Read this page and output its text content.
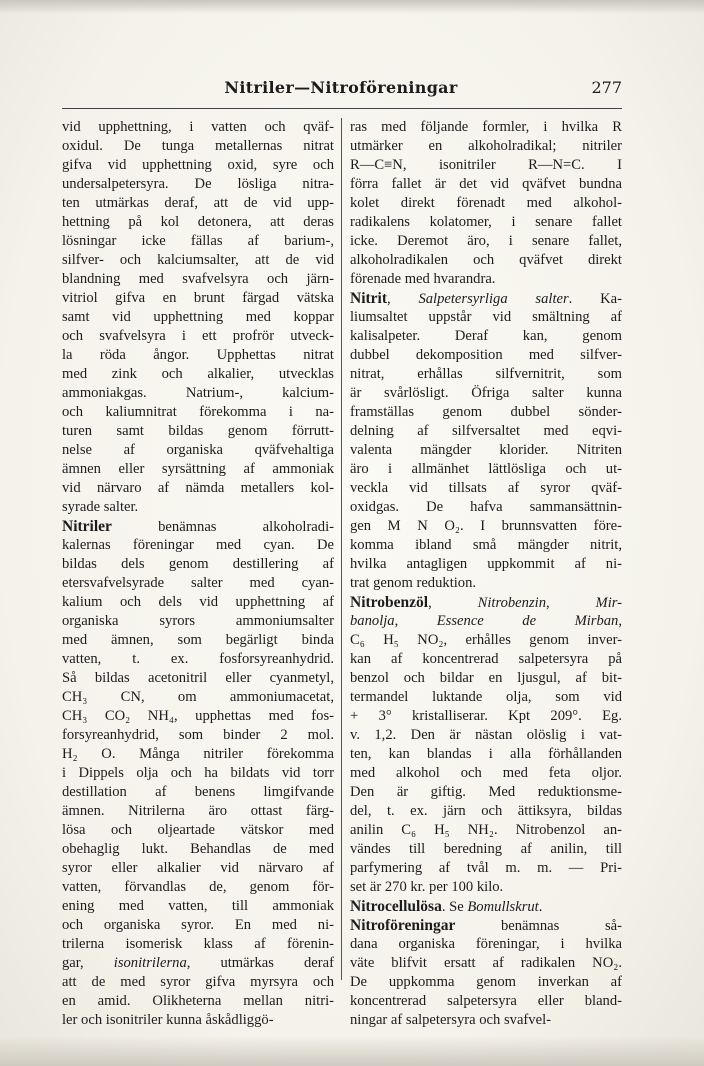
Nitriler—Nitroföreningar	277
vid upphettning, i vatten och qväf-
oxidul. De tunga metallernas nitrat
gifva vid upphettning oxid, syre och
undersalpetersyra. De lösliga nitra-
ten utmärkas deraf, att de vid upp-
hettning på kol detonera, att deras
lösningar icke fällas af barium-,
silfver- och kalciumsalter, att de vid
blandning med svafvelsyra och järn-
vitriol gifva en brunt färgad vätska
samt vid upphettning med koppar
och svafvelsyra i ett profrör utveck-
la röda ångor. Upphettas nitrat
med zink och alkalier, utvecklas
ammoniakgas. Natrium-, kalcium-
och kaliumnitrat förekomma i na-
turen samt bildas genom förrutt-
nelse af organiska qväfvehaltiga
ämnen eller syrsättning af ammoniak
vid närvaro af nämda metallers kol-
syrade salter.
Nitriler benämnas alkoholradi-
kalernas föreningar med cyan. De
bildas dels genom destillering af
etersvafvelsyrade salter med cyan-
kalium och dels vid upphettning af
organiska syrors ammoniumsalter
med ämnen, som begärligt binda
vatten, t. ex. fosforsyreanhydrid.
Så bildas acetonitril eller cyanmetyl,
CH₃ CN, om ammoniumacetat,
CH₃ CO₂ NH₄, upphettas med fos-
forsyreanhydrid, som binder 2 mol.
H₂ O. Många nitriler förekomma
i Dippels olja och ha bildats vid torr
destillation af benens limgifvande
ämnen. Nitrilerna äro ottast färg-
lösa och oljeartade vätskor med
obehaglig lukt. Behandlas de med
syror eller alkalier vid närvaro af
vatten, förvandlas de, genom för-
ening med vatten, till ammoniak
och organiska syror. En med ni-
trilerna isomerisk klass af förenin-
gar, isonitrilerna, utmärkas deraf
att de med syror gifva myrsyra och
en amid. Olikheterna mellan nitri-
ler och isonitriler kunna åskådliggö-
ras med följande formler, i hvilka R
utmärker en alkoholradikal; nitriler
R—C≡N, isonitriler R—N=C. I
förra fallet är det vid qväfvet bundna
kolet direkt förenadt med alkohol-
radikalens kolatomer, i senare fallet
icke. Deremot äro, i senare fallet,
alkoholradikalen och qväfvet direkt
förenade med hvarandra.
Nitrit, Salpetersyrliga salter. Ka-
liumsaltet uppstår vid smältning af
kalisalpeter. Deraf kan, genom
dubbel dekomposition med silfver-
nitrat, erhållas silfvernitrit, som
är svårlösligt. Öfriga salter kunna
framställas genom dubbel sönder-
delning af silfversaltet med eqvi-
valenta mängder klorider. Nitriten
äro i allmänhet lättlösliga och ut-
veckla vid tillsats af syror qväf-
oxidgas. De hafva sammansättnin-
gen M N O₂. I brunnsvatten före-
komma ibland små mängder nitrit,
hvilka antagligen uppkommit af ni-
trat genom reduktion.
Nitrobenzöl, Nitrobenzin, Mir-
banolja, Essence de Mirban,
C₆ H₅ NO₂, erhålles genom inver-
kan af koncentrerad salpetersyra på
benzol och bildar en ljusgul, af bit-
termandel luktande olja, som vid
+ 3° kristalliserar. Kpt 209°. Eg.
v. 1,2. Den är nästan olöslig i vat-
ten, kan blandas i alla förhållanden
med alkohol och med feta oljor.
Den är giftig. Med reduktionsme-
del, t. ex. järn och ättiksyra, bildas
anilin C₆ H₅ NH₂. Nitrobenzol an-
vändes till beredning af anilin, till
parfymering af tvål m. m. — Pri-
set är 270 kr. per 100 kilo.
Nitrocellulösa. Se Bomullskrut.
Nitroföreningar benämnas så-
dana organiska föreningar, i hvilka
väte blifvit ersatt af radikalen NO₂.
De uppkomma genom inverkan af
koncentrerad salpetersyra eller bland-
ningar af salpetersyra och svafvel-
